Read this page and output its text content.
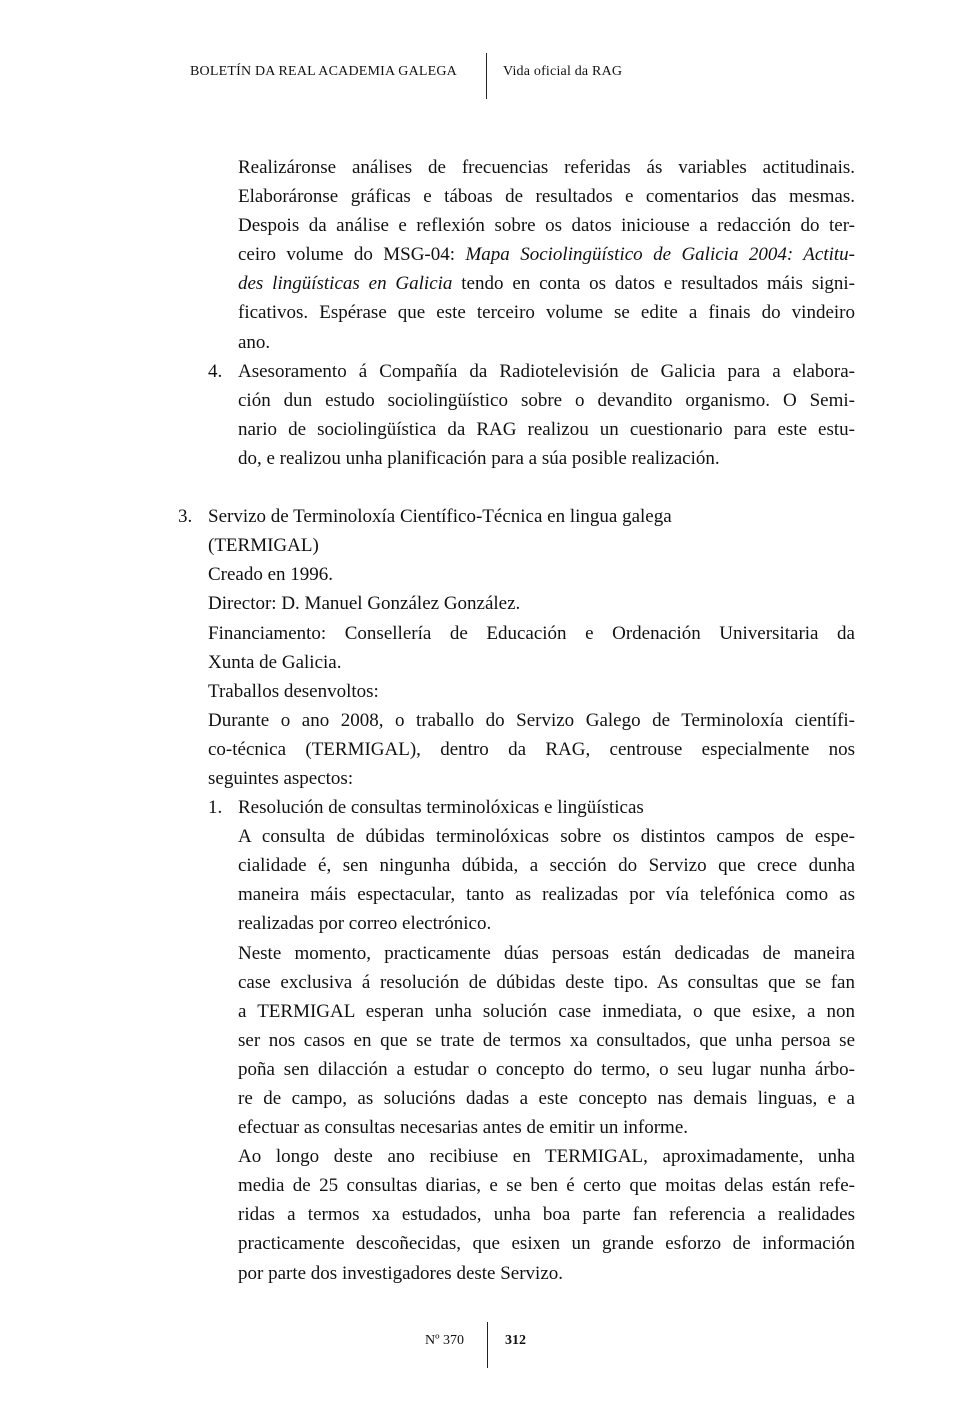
BOLETÍN DA REAL ACADEMIA GALEGA	Vida oficial da RAG
Realizáronse análises de frecuencias referidas ás variables actitudinais.
Elaboráronse gráficas e táboas de resultados e comentarios das mesmas.
Despois da análise e reflexión sobre os datos iniciouse a redacción do ter-
ceiro volume do MSG-04: Mapa Sociolingüístico de Galicia 2004: Actitu-
des lingüísticas en Galicia tendo en conta os datos e resultados máis signi-
ficativos. Espérase que este terceiro volume se edite a finais do vindeiro
ano.
4. Asesoramento á Compañía da Radiotelevisión de Galicia para a elabora-
ción dun estudo sociolingüístico sobre o devandito organismo. O Semi-
nario de sociolingüística da RAG realizou un cuestionario para este estu-
do, e realizou unha planificación para a súa posible realización.
3. Servizo de Terminoloxía Científico-Técnica en lingua galega
(TERMIGAL)
Creado en 1996.
Director: D. Manuel González González.
Financiamento: Consellería de Educación e Ordenación Universitaria da
Xunta de Galicia.
Traballos desenvoltos:
Durante o ano 2008, o traballo do Servizo Galego de Terminoloxía científi-
co-técnica (TERMIGAL), dentro da RAG, centrouse especialmente nos
seguintes aspectos:
1. Resolución de consultas terminolóxicas e lingüísticas
A consulta de dúbidas terminolóxicas sobre os distintos campos de espe-
cialidade é, sen ningunha dúbida, a sección do Servizo que crece dunha
maneira máis espectacular, tanto as realizadas por vía telefónica como as
realizadas por correo electrónico.
Neste momento, practicamente dúas persoas están dedicadas de maneira
case exclusiva á resolución de dúbidas deste tipo. As consultas que se fan
a TERMIGAL esperan unha solución case inmediata, o que esixe, a non
ser nos casos en que se trate de termos xa consultados, que unha persoa se
poña sen dilacción a estudar o concepto do termo, o seu lugar nunha árbo-
re de campo, as solucións dadas a este concepto nas demais linguas, e a
efectuar as consultas necesarias antes de emitir un informe.
Ao longo deste ano recibiuse en TERMIGAL, aproximadamente, unha
media de 25 consultas diarias, e se ben é certo que moitas delas están refe-
ridas a termos xa estudados, unha boa parte fan referencia a realidades
practicamente descoñecidas, que esixen un grande esforzo de información
por parte dos investigadores deste Servizo.
Nº 370	312
